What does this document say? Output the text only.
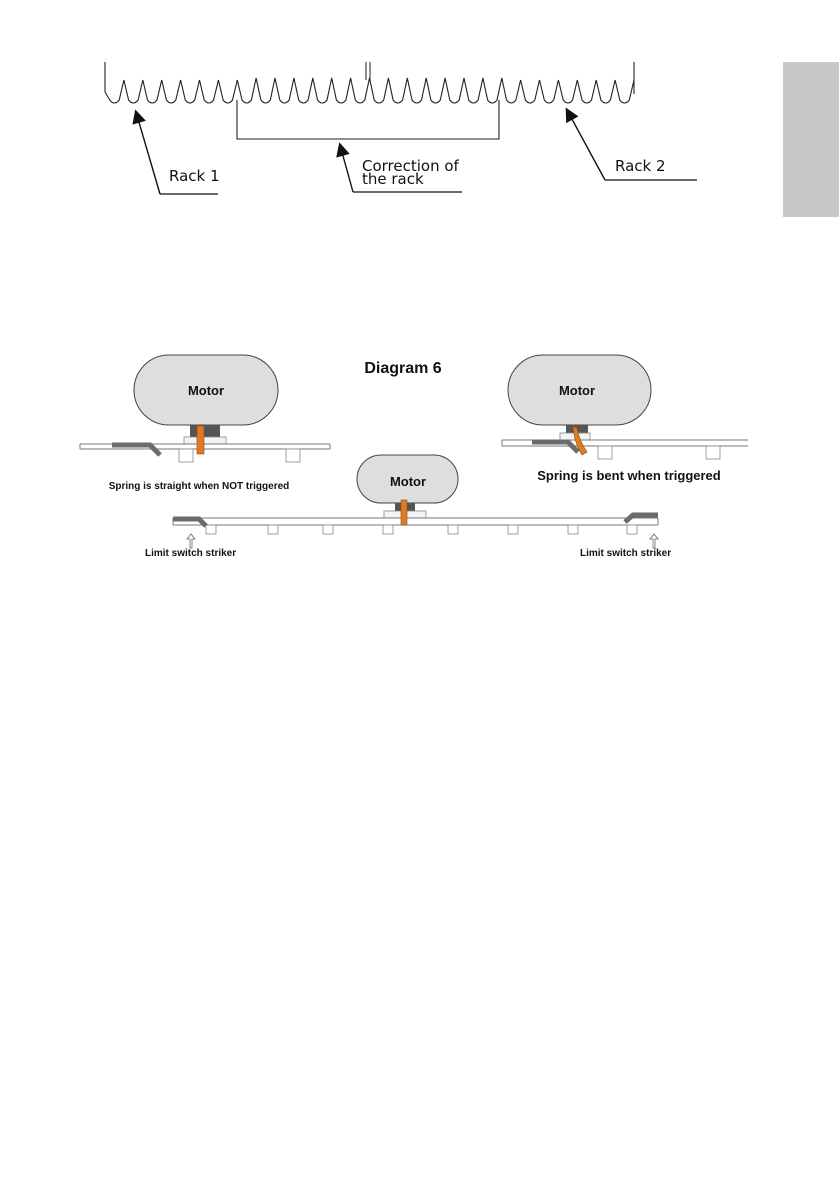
Rack 1
Correction of
the rack
Rack 2
Diagram 6
Motor
Spring is straight when NOT triggered
Motor
Spring is bent when triggered
Motor
Limit switch striker	Limit switch striker
